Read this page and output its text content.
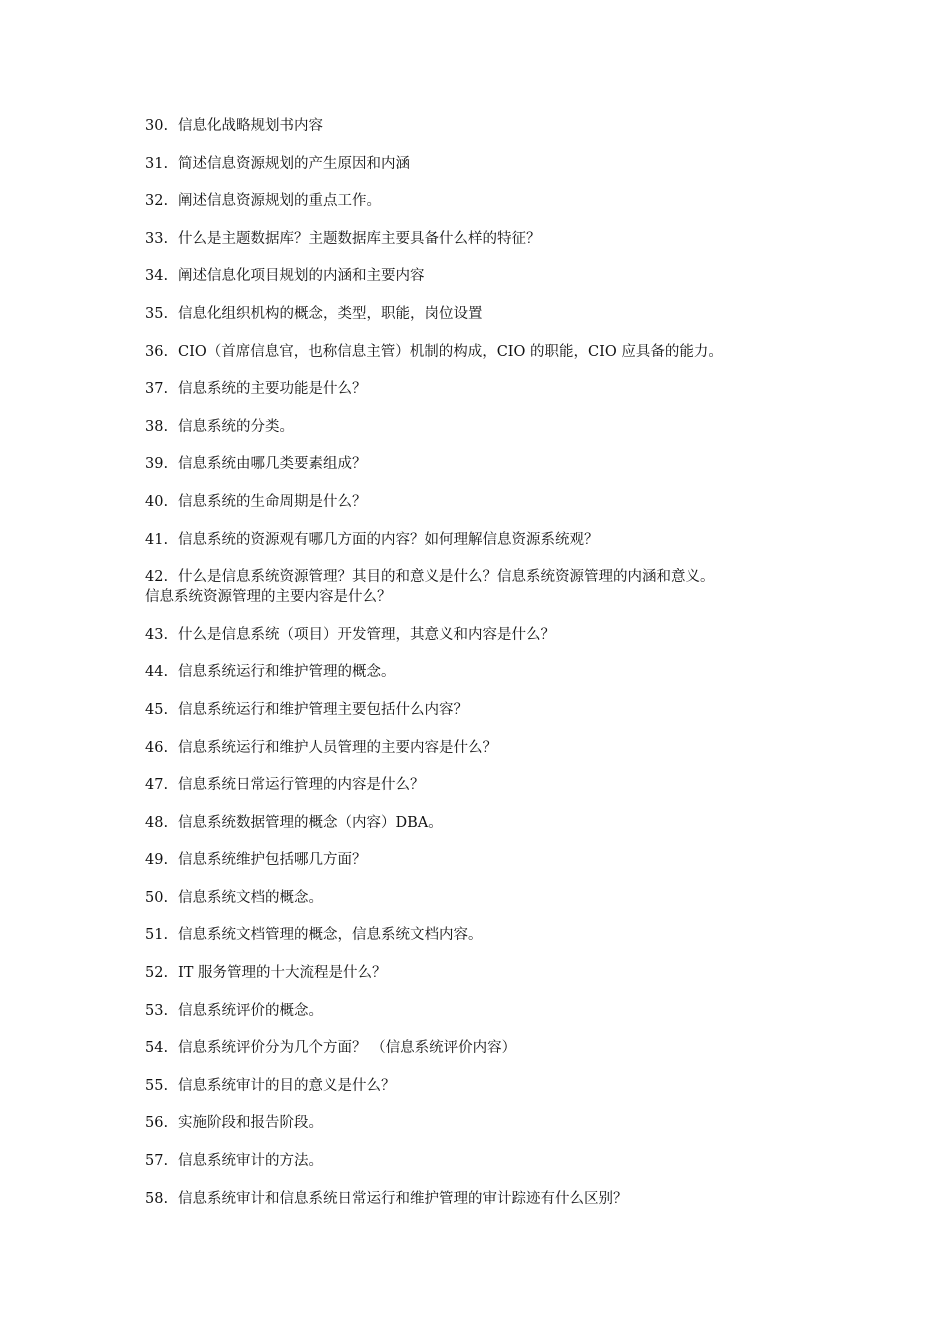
30. 信息化战略规划书内容
31. 简述信息资源规划的产生原因和内涵
32. 阐述信息资源规划的重点工作。
33. 什么是主题数据库？主题数据库主要具备什么样的特征？
34. 阐述信息化项目规划的内涵和主要内容
35. 信息化组织机构的概念，类型，职能，岗位设置
36. CIO（首席信息官，也称信息主管）机制的构成，CIO 的职能，CIO 应具备的能力。
37. 信息系统的主要功能是什么？
38. 信息系统的分类。
39. 信息系统由哪几类要素组成？
40. 信息系统的生命周期是什么？
41. 信息系统的资源观有哪几方面的内容？如何理解信息资源系统观？
42. 什么是信息系统资源管理？其目的和意义是什么？信息系统资源管理的内涵和意义。
信息系统资源管理的主要内容是什么？
43. 什么是信息系统（项目）开发管理，其意义和内容是什么？
44. 信息系统运行和维护管理的概念。
45. 信息系统运行和维护管理主要包括什么内容？
46. 信息系统运行和维护人员管理的主要内容是什么？
47. 信息系统日常运行管理的内容是什么？
48. 信息系统数据管理的概念（内容）DBA。
49. 信息系统维护包括哪几方面？
50. 信息系统文档的概念。
51. 信息系统文档管理的概念，信息系统文档内容。
52. IT 服务管理的十大流程是什么？
53. 信息系统评价的概念。
54. 信息系统评价分为几个方面？ （信息系统评价内容）
55. 信息系统审计的目的意义是什么？
56. 实施阶段和报告阶段。
57. 信息系统审计的方法。
58. 信息系统审计和信息系统日常运行和维护管理的审计踪迹有什么区别？
